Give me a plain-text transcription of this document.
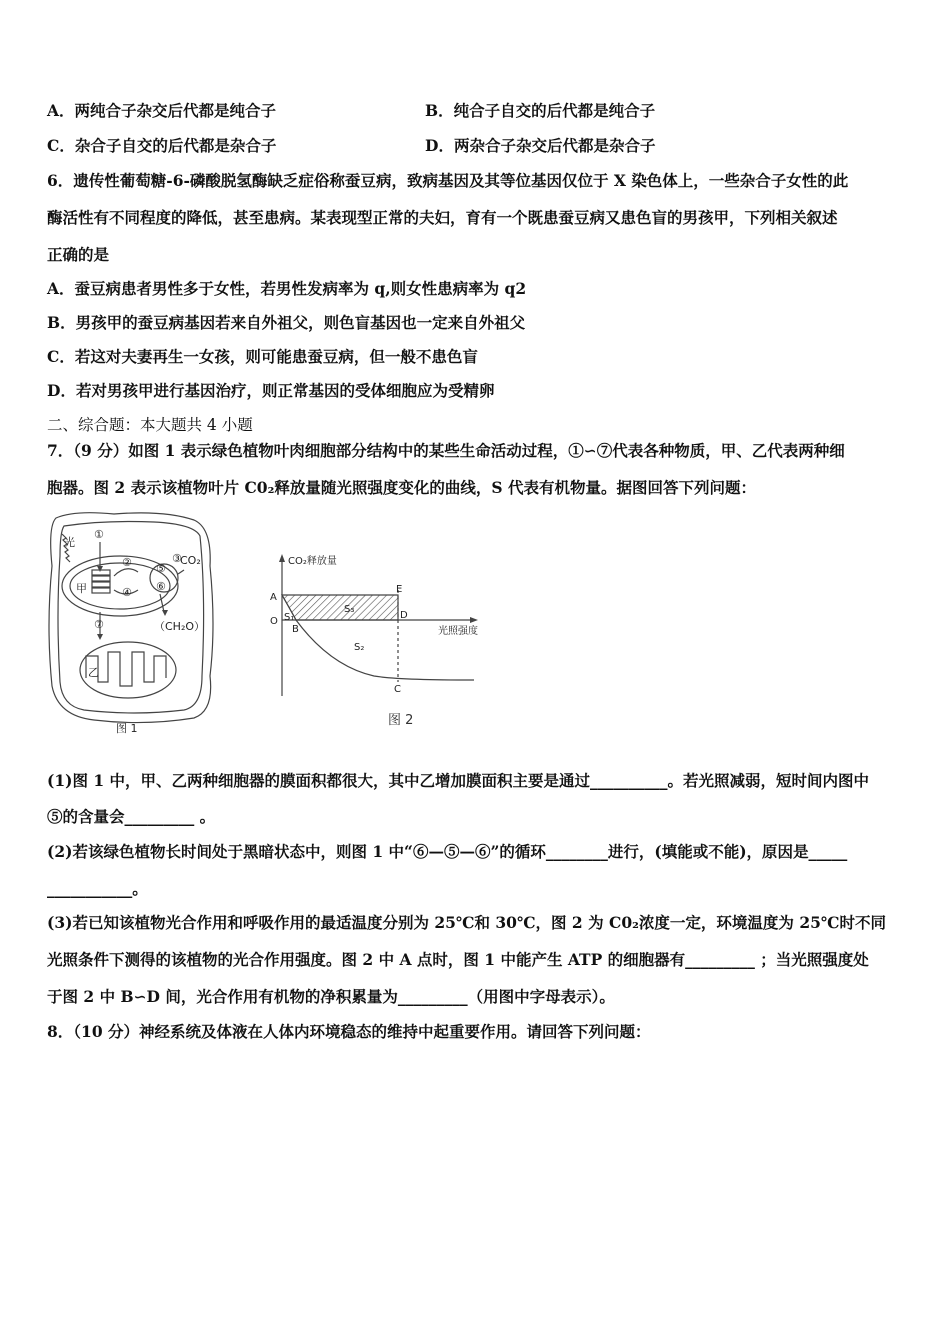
A．两纯合子杂交后代都是纯合子	B．纯合子自交的后代都是纯合子
C．杂合子自交的后代都是杂合子	D．两杂合子杂交后代都是杂合子
6．遗传性葡萄糖-6-磷酸脱氢酶缺乏症俗称蚕豆病，致病基因及其等位基因仅位于 X 染色体上，一些杂合子女性的此
酶活性有不同程度的降低，甚至患病。某表现型正常的夫妇，育有一个既患蚕豆病又患色盲的男孩甲，下列相关叙述
正确的是
A．蚕豆病患者男性多于女性，若男性发病率为 q,则女性患病率为 q2
B．男孩甲的蚕豆病基因若来自外祖父，则色盲基因也一定来自外祖父
C．若这对夫妻再生一女孩，则可能患蚕豆病，但一般不患色盲
D．若对男孩甲进行基因治疗，则正常基因的受体细胞应为受精卵
二、综合题：本大题共 4 小题
7．（9 分）如图 1 表示绿色植物叶肉细胞部分结构中的某些生命活动过程，①∽⑦代表各种物质，甲、乙代表两种细
胞器。图 2 表示该植物叶片 C0₂释放量随光照强度变化的曲线，S 代表有机物量。据图回答下列问题：
光
①
② ⑤
⑥
④
③
CO₂
（CH₂O）
甲
⑦
乙
图 1
CO₂释放量
光照强度
A
O
B
S₁
S₃
S₂
E
D
C
图 2
(1)图 1 中，甲、乙两种细胞器的膜面积都很大，其中乙增加膜面积主要是通过__________。若光照减弱，短时间内图中
⑤的含量会_________ 。
(2)若该绿色植物长时间处于黑暗状态中，则图 1 中“⑥—⑤—⑥”的循环________进行，(填能或不能)，原因是_____
___________。
(3)若已知该植物光合作用和呼吸作用的最适温度分别为 25℃和 30℃，图 2 为 C0₂浓度一定，环境温度为 25℃时不同
光照条件下测得的该植物的光合作用强度。图 2 中 A 点时，图 1 中能产生 ATP 的细胞器有_________ ；当光照强度处
于图 2 中 B∽D 间，光合作用有机物的净积累量为_________（用图中字母表示）。
8．（10 分）神经系统及体液在人体内环境稳态的维持中起重要作用。请回答下列问题：
